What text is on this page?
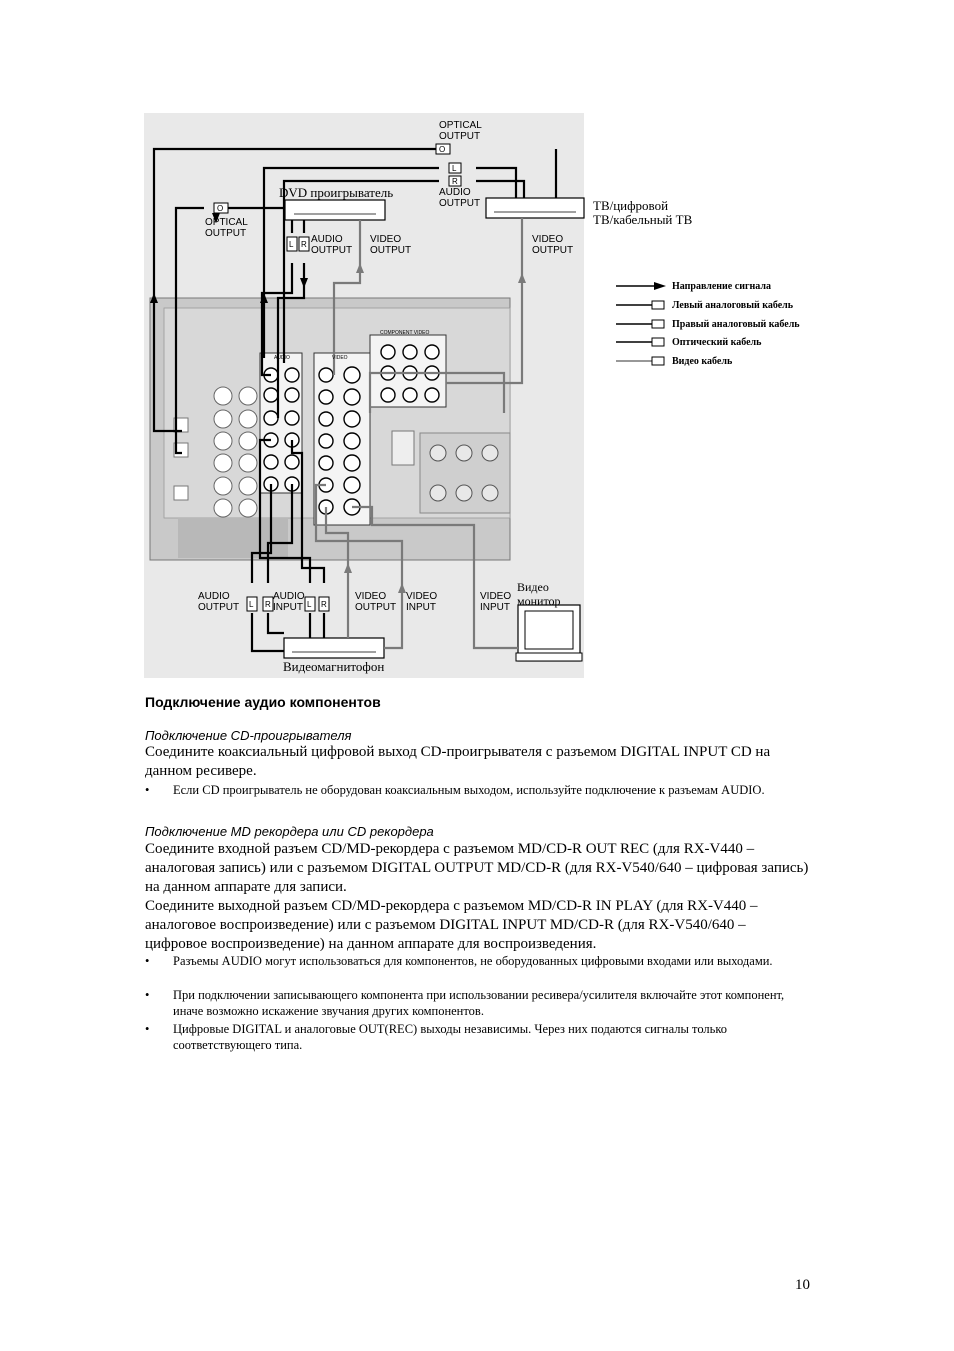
O
O
L
R
L R
L R	L R
COMPONENT VIDEO
AUDIO	VIDEO
OPTICAL
OUTPUT
AUDIO
OUTPUT
DVD проигрыватель
OPTICAL
OUTPUT
AUDIO
OUTPUT
VIDEO
OUTPUT
VIDEO
OUTPUT
ТВ/цифровой
ТВ/кабельный ТВ
AUDIO
OUTPUT
AUDIO
INPUT
VIDEO
OUTPUT
VIDEO
INPUT
VIDEO
INPUT
Видео
монитор
Видеомагнитофон
Направление сигнала
Левый аналоговый кабель
Правый аналоговый кабель
Оптический кабель
Видео кабель
Подключение аудио компонентов
Подключение CD-проигрывателя
Соедините коаксиальный цифровой выход CD-проигрывателя с разъемом DIGITAL INPUT CD на данном ресивере.
• Если CD проигрыватель не оборудован коаксиальным выходом, используйте подключение к разъемам AUDIO.
Подключение MD рекордера или CD рекордера
Соедините входной разъем CD/MD-рекордера с разъемом MD/CD-R OUT REC (для RX-V440 – аналоговая запись) или с разъемом DIGITAL OUTPUT MD/CD-R (для RX-V540/640 – цифровая запись) на данном аппарате для записи.
Соедините выходной разъем CD/MD-рекордера с разъемом MD/CD-R IN PLAY (для RX-V440 – аналоговое воспроизведение) или с разъемом DIGITAL INPUT MD/CD-R (для RX-V540/640 – цифровое воспроизведение) на данном аппарате для воспроизведения.
• Разъемы AUDIO могут использоваться для компонентов, не оборудованных цифровыми входами или выходами.
• При подключении записывающего компонента при использовании ресивера/усилителя включайте этот компонент, иначе возможно искажение звучания других компонентов.
• Цифровые DIGITAL и аналоговые OUT(REC) выходы независимы. Через них подаются сигналы только соответствующего типа.
10
